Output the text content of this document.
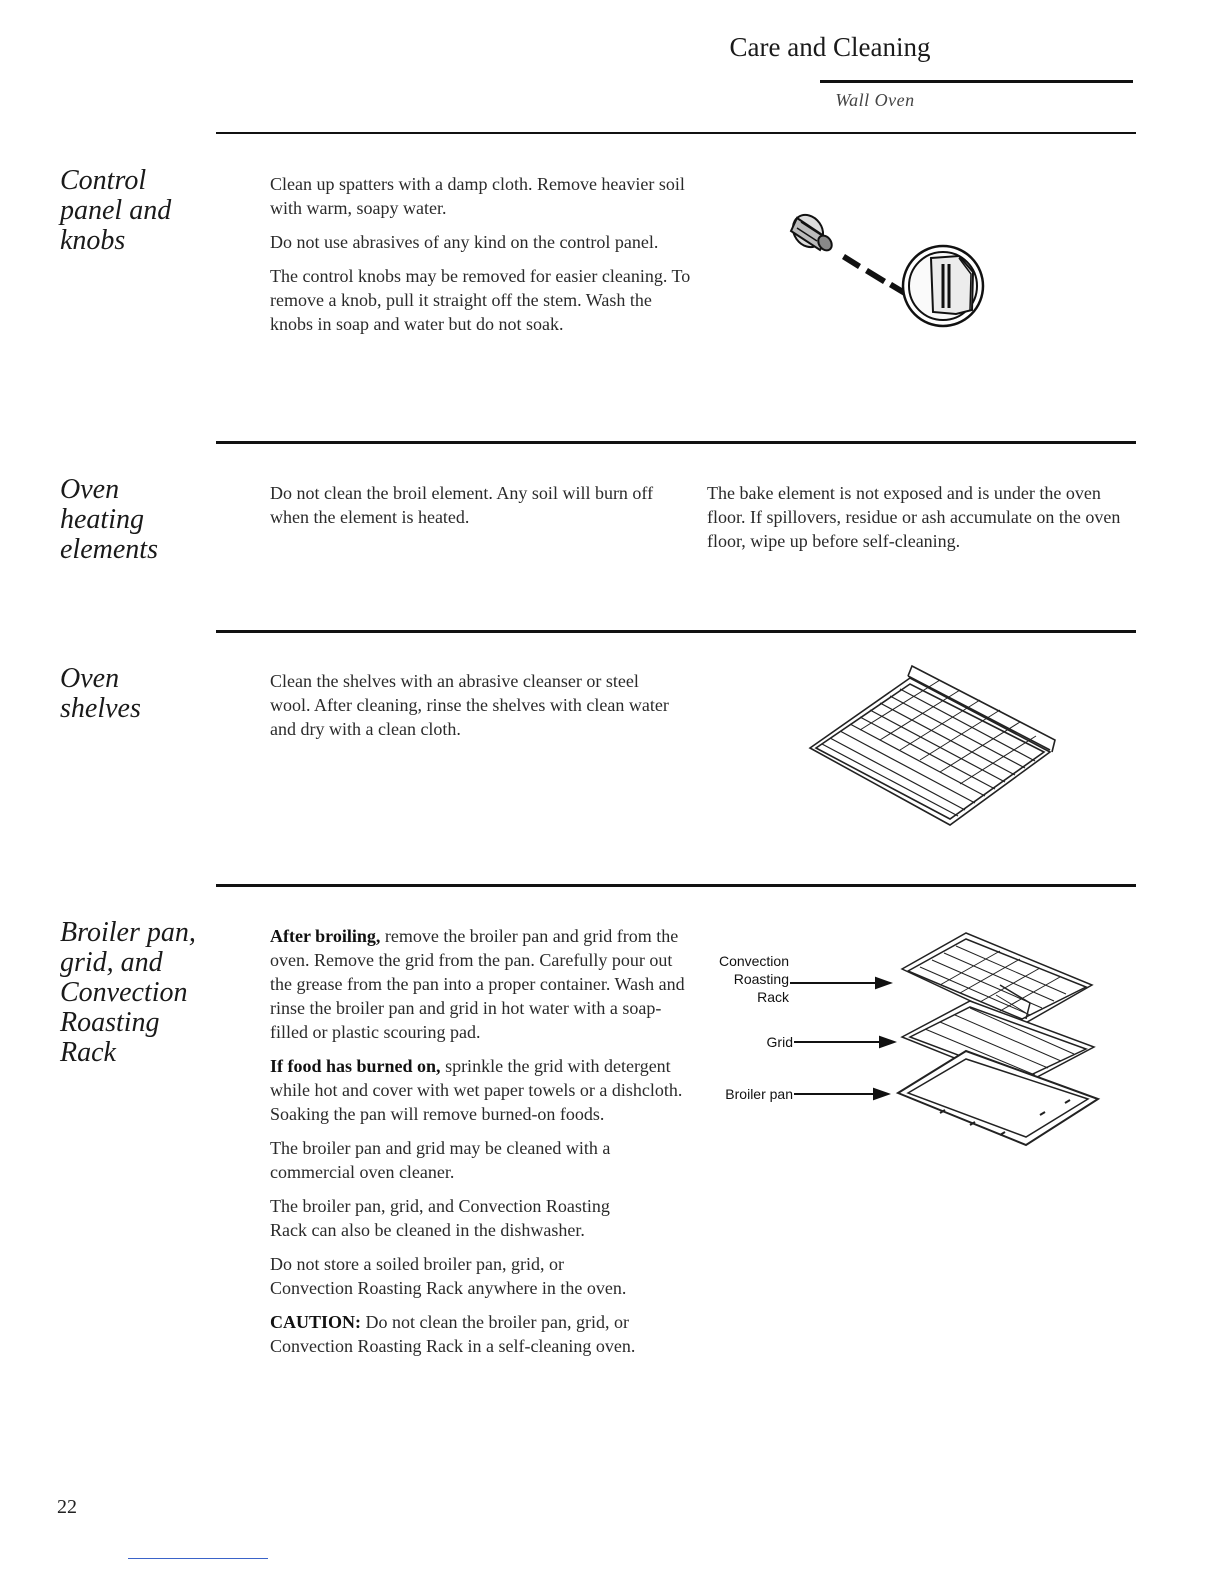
Care and Cleaning
Wall Oven
Control
panel and
knobs

Clean up spatters with a damp cloth. Remove heavier soil with warm, soapy water.

Do not use abrasives of any kind on the control panel.

The control knobs may be removed for easier cleaning. To remove a knob, pull it straight off the stem. Wash the knobs in soap and water but do not soak.

Oven
heating
elements

Do not clean the broil element. Any soil will burn off when the element is heated.

The bake element is not exposed and is under the oven floor. If spillovers, residue or ash accumulate on the oven floor, wipe up before self-cleaning.

Oven
shelves

Clean the shelves with an abrasive cleanser or steel wool. After cleaning, rinse the shelves with clean water and dry with a clean cloth.

Broiler pan,
grid, and
Convection
Roasting
Rack

After broiling, remove the broiler pan and grid from the oven. Remove the grid from the pan. Carefully pour out the grease from the pan into a proper container. Wash and rinse the broiler pan and grid in hot water with a soap-filled or plastic scouring pad.

If food has burned on, sprinkle the grid with detergent while hot and cover with wet paper towels or a dishcloth. Soaking the pan will remove burned-on foods.

The broiler pan and grid may be cleaned with a commercial oven cleaner.

The broiler pan, grid, and Convection Roasting Rack can also be cleaned in the dishwasher.

Do not store a soiled broiler pan, grid, or Convection Roasting Rack anywhere in the oven.

CAUTION: Do not clean the broiler pan, grid, or Convection Roasting Rack in a self-cleaning oven.

Convection
Roasting
Rack
Grid
Broiler pan
22
